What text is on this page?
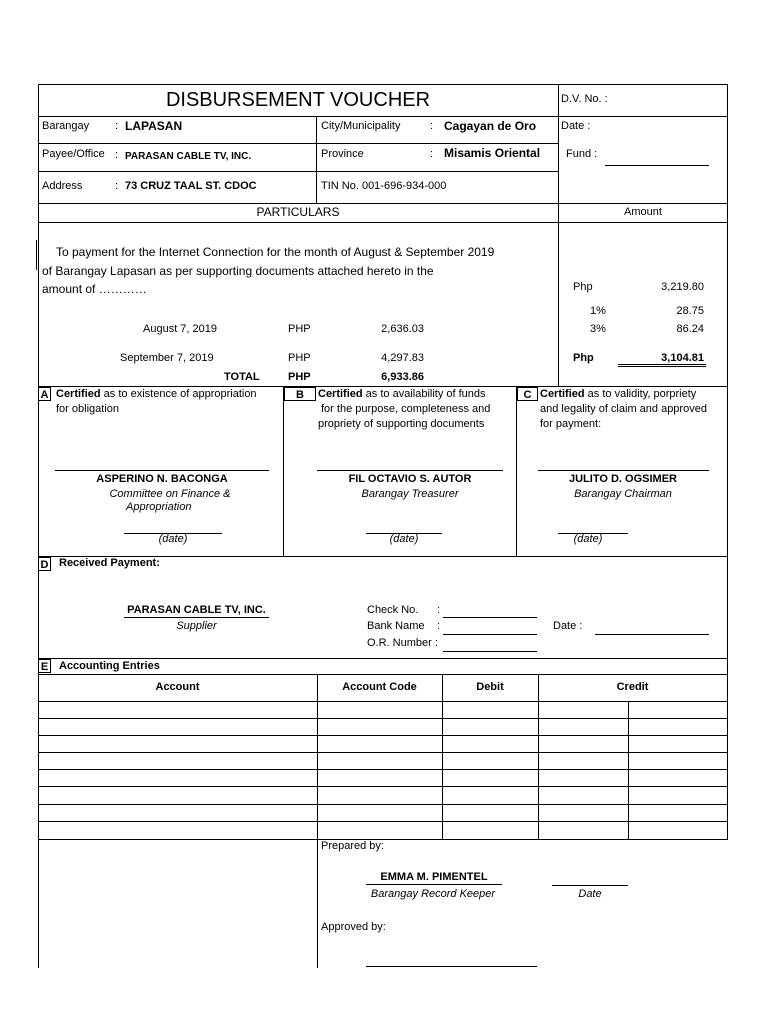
DISBURSEMENT VOUCHER	D.V. No. :
Barangay : LAPASAN	City/Municipality	: Cagayan de Oro Date :
Payee/Office : PARASAN CABLE TV, INC.	Province	: Misamis Oriental Fund :
Address	: 73 CRUZ TAAL ST. CDOC	TIN No. 001-696-934-000
PARTICULARS	Amount
To payment for the Internet Connection for the month of August & September 2019
of Barangay Lapasan as per supporting documents attached hereto in the
amount of …………
August 7, 2019	PHP	2,636.03
September 7, 2019	PHP	4,297.83
TOTAL	PHP	6,933.86
Php	3,219.80
1%	28.75
3%	86.24
Php	3,104.81
A Certified as to existence of appropriation
for obligation
ASPERINO N. BACONGA
Committee on Finance &
Appropriation
(date)
B	Certified as to availability of funds
for the purpose, completeness and
propriety of supporting documents
FIL OCTAVIO S. AUTOR
Barangay Treasurer
(date)
C Certified as to validity, porpriety
and legality of claim and approved
for payment:
JULITO D. OGSIMER
Barangay Chairman
(date)
D Received Payment:
PARASAN CABLE TV, INC.
Supplier
Check No. :
Bank Name :
O.R. Number :
Date :
E Accounting Entries
Account	Account Code	Debit	Credit
Prepared by:
EMMA M. PIMENTEL
Barangay Record Keeper	Date
Approved by:
